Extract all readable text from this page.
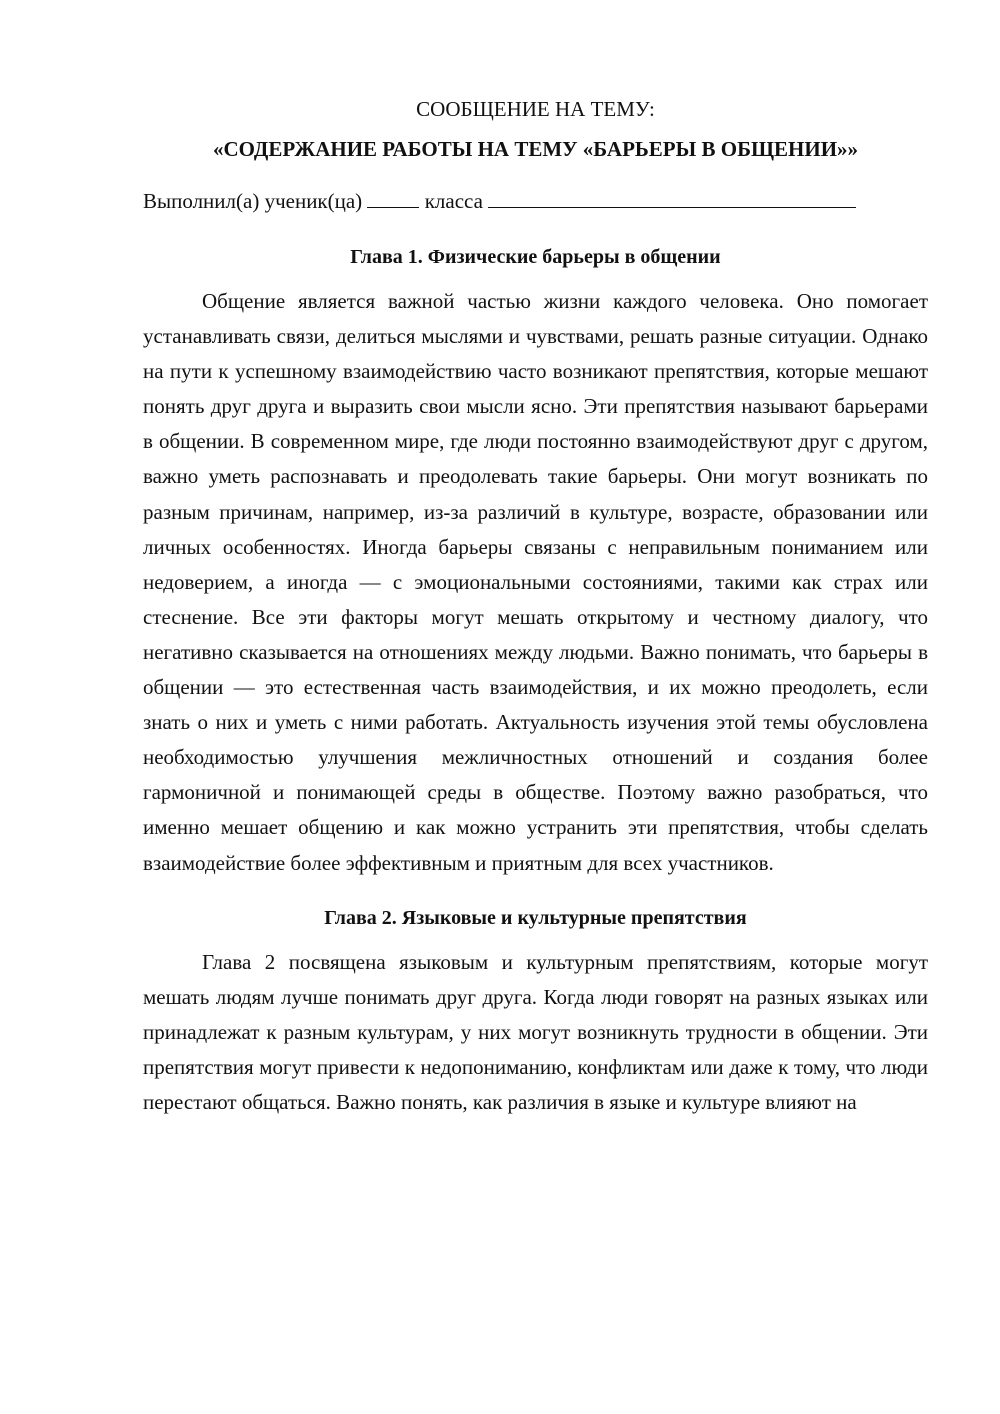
СООБЩЕНИЕ НА ТЕМУ:

«СОДЕРЖАНИЕ РАБОТЫ НА ТЕМУ «БАРЬЕРЫ В ОБЩЕНИИ»»

Выполнил(а) ученик(ца)	класса

Глава 1. Физические барьеры в общении

Общение является важной частью жизни каждого человека. Оно помогает устанавливать связи, делиться мыслями и чувствами, решать разные ситуации. Однако на пути к успешному взаимодействию часто возникают препятствия, которые мешают понять друг друга и выразить свои мысли ясно. Эти препятствия называют барьерами в общении. В современном мире, где люди постоянно взаимодействуют друг с другом, важно уметь распознавать и преодолевать такие барьеры. Они могут возникать по разным причинам, например, из-за различий в культуре, возрасте, образовании или личных особенностях. Иногда барьеры связаны с неправильным пониманием или недоверием, а иногда — с эмоциональными состояниями, такими как страх или стеснение. Все эти факторы могут мешать открытому и честному диалогу, что негативно сказывается на отношениях между людьми. Важно понимать, что барьеры в общении — это естественная часть взаимодействия, и их можно преодолеть, если знать о них и уметь с ними работать. Актуальность изучения этой темы обусловлена необходимостью улучшения межличностных отношений и создания более гармоничной и понимающей среды в обществе. Поэтому важно разобраться, что именно мешает общению и как можно устранить эти препятствия, чтобы сделать взаимодействие более эффективным и приятным для всех участников.

Глава 2. Языковые и культурные препятствия

Глава 2 посвящена языковым и культурным препятствиям, которые могут мешать людям лучше понимать друг друга. Когда люди говорят на разных языках или принадлежат к разным культурам, у них могут возникнуть трудности в общении. Эти препятствия могут привести к недопониманию, конфликтам или даже к тому, что люди перестают общаться. Важно понять, как различия в языке и культуре влияют на
